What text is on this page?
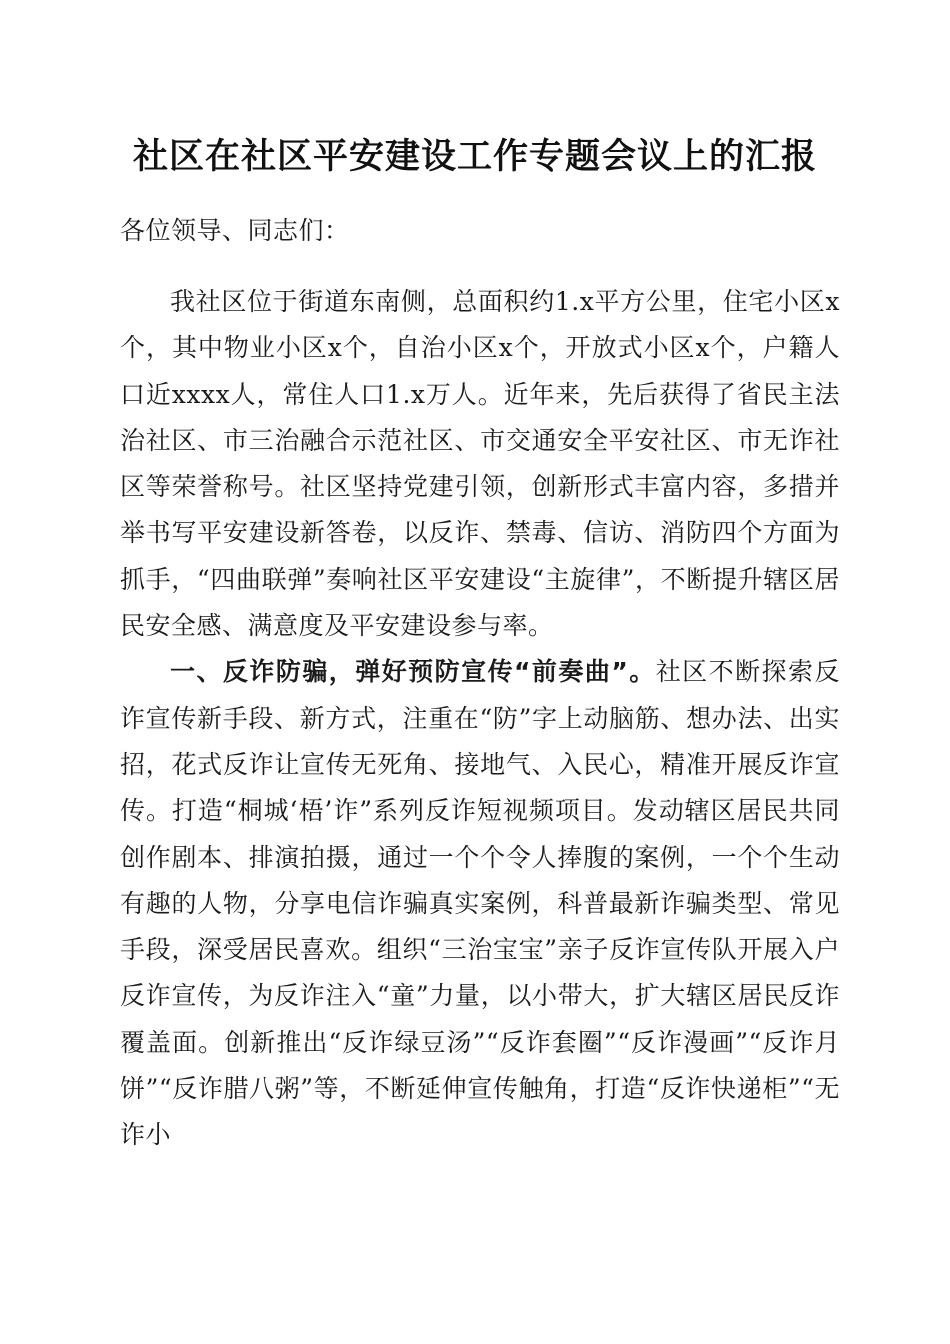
社区在社区平安建设工作专题会议上的汇报
各位领导、同志们：

我社区位于街道东南侧，总面积约1.x平方公里，住宅小区x个，其中物业小区x个，自治小区x个，开放式小区x个，户籍人口近xxxx人，常住人口1.x万人。近年来，先后获得了省民主法治社区、市三治融合示范社区、市交通安全平安社区、市无诈社区等荣誉称号。社区坚持党建引领，创新形式丰富内容，多措并举书写平安建设新答卷，以反诈、禁毒、信访、消防四个方面为抓手，“四曲联弹”奏响社区平安建设“主旋律”，不断提升辖区居民安全感、满意度及平安建设参与率。

一、反诈防骗，弹好预防宣传“前奏曲”。社区不断探索反诈宣传新手段、新方式，注重在“防”字上动脑筋、想办法、出实招，花式反诈让宣传无死角、接地气、入民心，精准开展反诈宣传。打造“桐城‘梧’诈”系列反诈短视频项目。发动辖区居民共同创作剧本、排演拍摄，通过一个个令人捧腹的案例，一个个生动有趣的人物，分享电信诈骗真实案例，科普最新诈骗类型、常见手段，深受居民喜欢。组织“三治宝宝”亲子反诈宣传队开展入户反诈宣传，为反诈注入“童”力量，以小带大，扩大辖区居民反诈覆盖面。创新推出“反诈绿豆汤”“反诈套圈”“反诈漫画”“反诈月饼”“反诈腊八粥”等，不断延伸宣传触角，打造“反诈快递柜”“无诈小
